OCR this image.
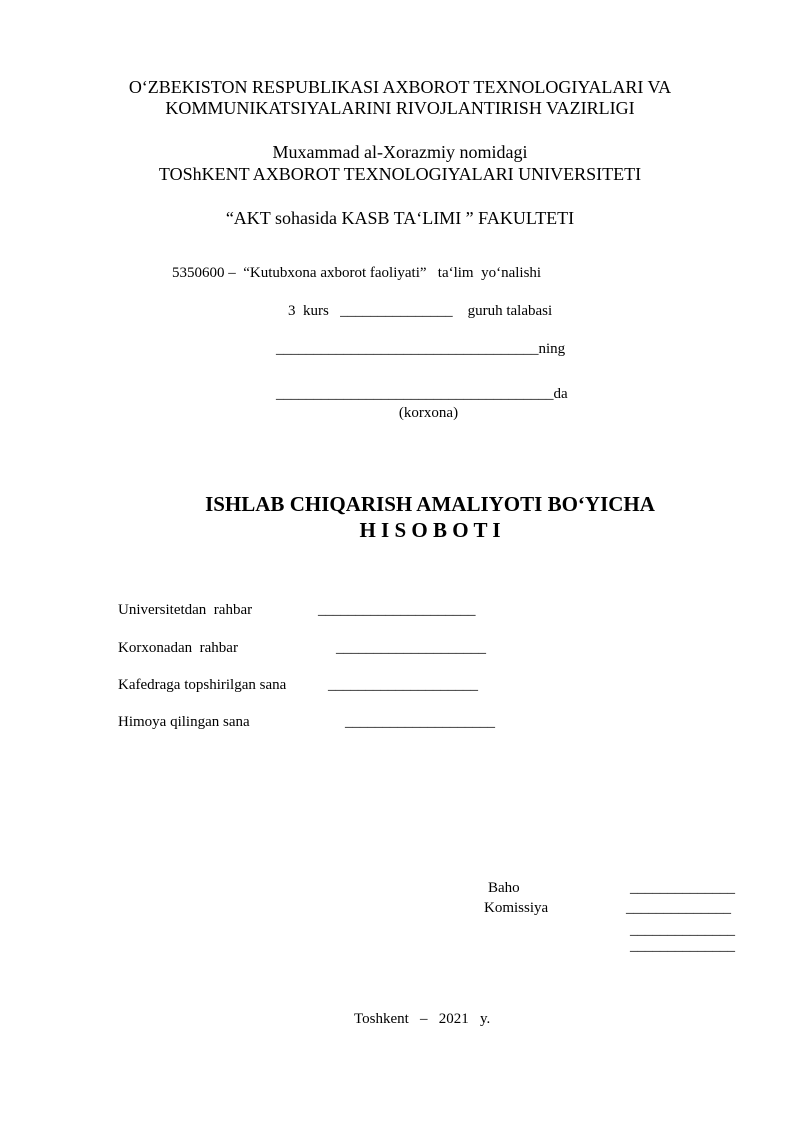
O‘ZBEKISTON RESPUBLIKASI AXBOROT TEXNOLOGIYALARI VA
KOMMUNIKATSIYALARINI RIVOJLANTIRISH VAZIRLIGI
Muxammad al-Xorazmiy nomidagi
TOShKENT AXBOROT TEXNOLOGIYALARI UNIVERSITETI
“AKT sohasida KASB TA‘LIMI ” FAKULTETI
5350600 –  “Kutubxona axborot faoliyati”   ta‘lim  yo‘nalishi
3  kurs   _______________    guruh talabasi
___________________________________ning
_____________________________________da
(korxona)
ISHLAB CHIQARISH AMALIYOTI BO‘YICHA
H I S O B O T I
Universitetdan  rahbar	_____________________
Korxonadan  rahbar	____________________
Kafedraga topshirilgan sana	____________________
Himoya qilingan sana	____________________
Baho	______________
Komissiya	______________
______________
______________
Toshkent   –   2021   y.
